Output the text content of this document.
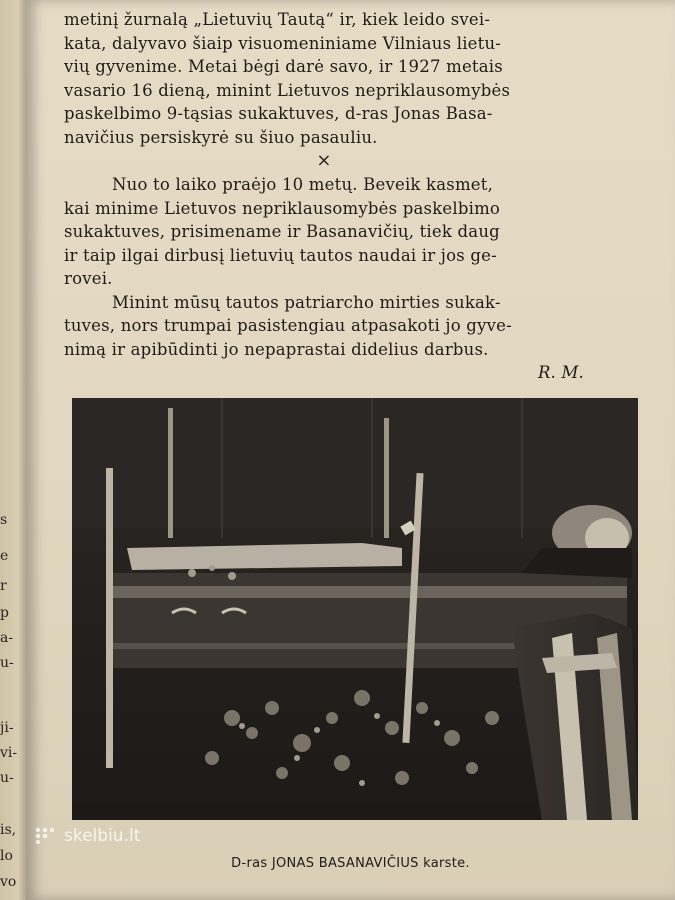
s
e
r
p
a-
u-
ji-
vi-
u-
is,
lo
vo
metinį žurnalą „Lietuvių Tautą“ ir, kiek leido svei-
kata, dalyvavo šiaip visuomeniniame Vilniaus lietu-
vių gyvenime. Metai bėgi darė savo, ir 1927 metais
vasario 16 dieną, minint Lietuvos nepriklausomybės
paskelbimo 9-tąsias sukaktuves, d-ras Jonas Basa-
navičius persiskyrė su šiuo pasauliu.
×
Nuo to laiko praėjo 10 metų. Beveik kasmet,
kai minime Lietuvos nepriklausomybės paskelbimo
sukaktuves, prisimename ir Basanavičių, tiek daug
ir taip ilgai dirbusį lietuvių tautos naudai ir jos ge-
rovei.
Minint mūsų tautos patriarcho mirties sukak-
tuves, nors trumpai pasistengiau atpasakoti jo gyve-
nimą ir apibūdinti jo nepaprastai didelius darbus.
R. M.
D-ras JONAS BASANAVIČIUS karste.
skelbiu.lt
